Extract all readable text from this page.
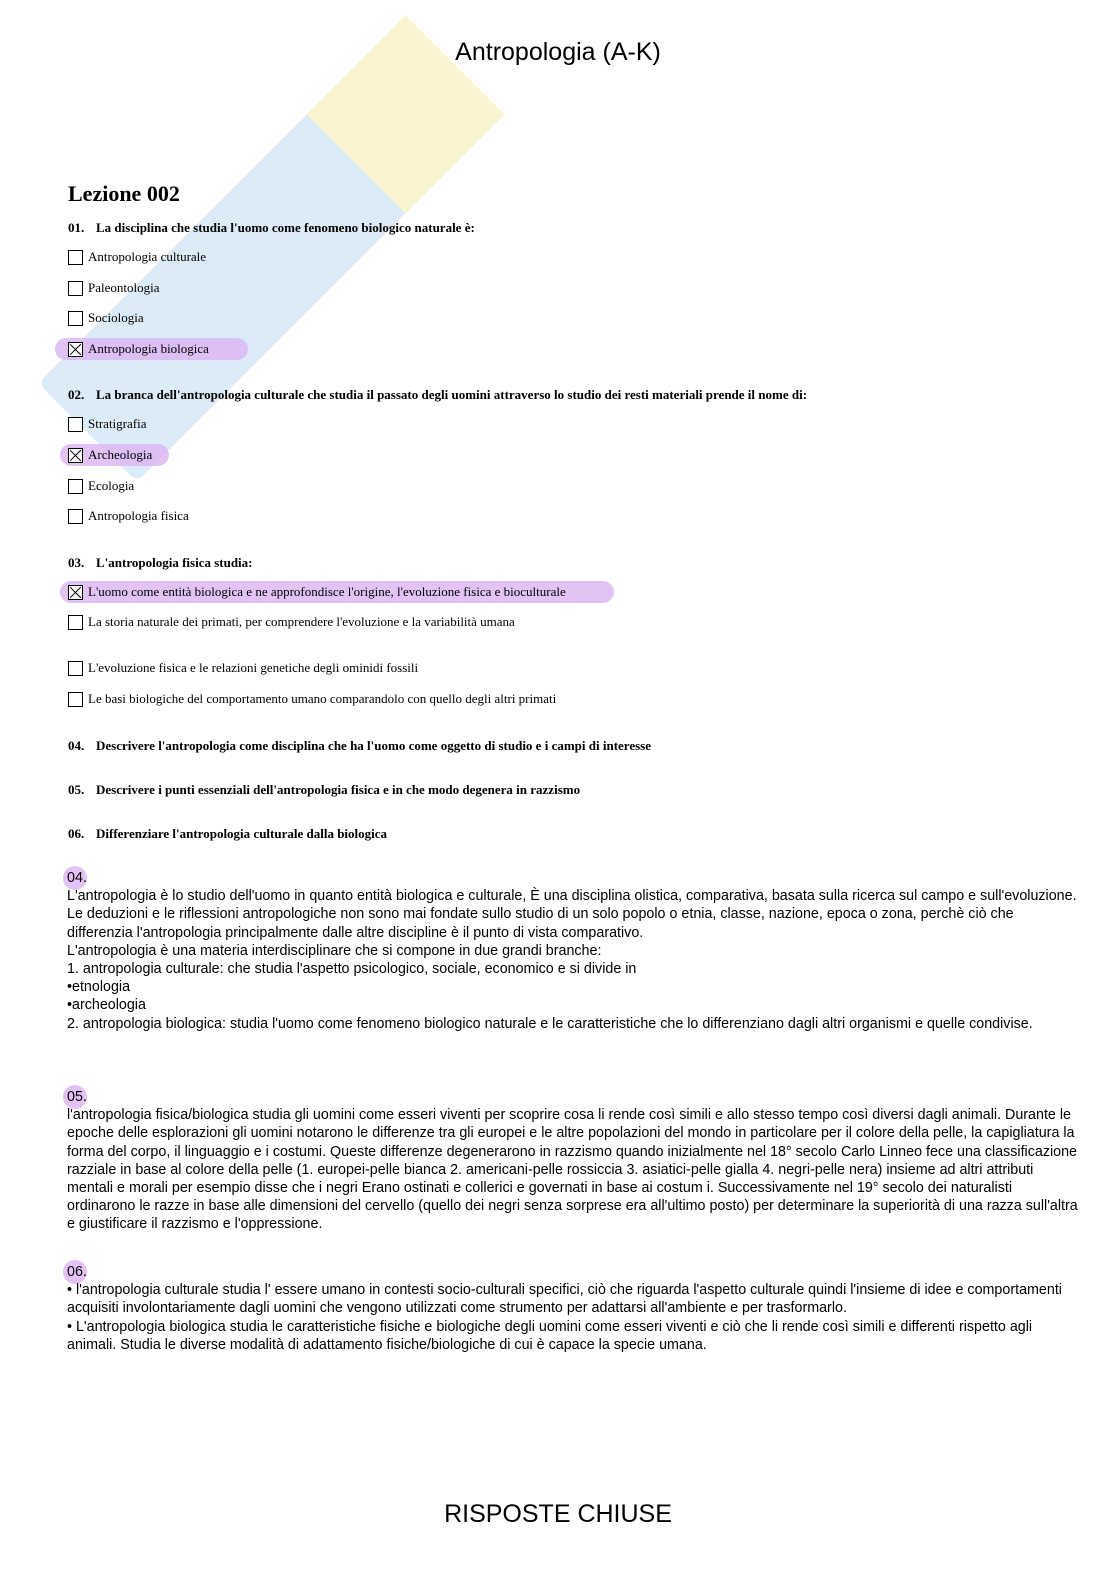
Antropologia (A-K)
Lezione 002
01. La disciplina che studia l'uomo come fenomeno biologico naturale è:
Antropologia culturale
Paleontologia
Sociologia
Antropologia biologica
02. La branca dell'antropologia culturale che studia il passato degli uomini attraverso lo studio dei resti materiali prende il nome di:
Stratigrafia
Archeologia
Ecologia
Antropologia fisica
03. L'antropologia fisica studia:
L'uomo come entità biologica e ne approfondisce l'origine, l'evoluzione fisica e bioculturale
La storia naturale dei primati, per comprendere l'evoluzione e la variabilità umana
L'evoluzione fisica e le relazioni genetiche degli ominidi fossili
Le basi biologiche del comportamento umano comparandolo con quello degli altri primati
04. Descrivere l'antropologia come disciplina che ha l'uomo come oggetto di studio e i campi di interesse
05. Descrivere i punti essenziali dell'antropologia fisica e in che modo degenera in razzismo
06. Differenziare l'antropologia culturale dalla biologica

04.

L'antropologia è lo studio dell'uomo in quanto entità biologica e culturale, È una disciplina olistica, comparativa, basata sulla ricerca sul campo e sull'evoluzione.

Le deduzioni e le riflessioni antropologiche non sono mai fondate sullo studio di un solo popolo o etnia, classe, nazione, epoca o zona, perchè ciò che differenzia l'antropologia principalmente dalle altre discipline è il punto di vista comparativo.

L'antropologia è una materia interdisciplinare che si compone in due grandi branche:

1. antropologia culturale: che studia l'aspetto psicologico, sociale, economico e si divide in

•etnologia

•archeologia

2. antropologia biologica: studia l'uomo come fenomeno biologico naturale e le caratteristiche che lo differenziano dagli altri organismi e quelle condivise.

05.

l'antropologia fisica/biologica studia gli uomini come esseri viventi per scoprire cosa li rende così simili e allo stesso tempo così diversi dagli animali. Durante le epoche delle esplorazioni gli uomini notarono le differenze tra gli europei e le altre popolazioni del mondo in particolare per il colore della pelle, la capigliatura la forma del corpo, il linguaggio e i costumi. Queste differenze degenerarono in razzismo quando inizialmente nel 18° secolo Carlo Linneo fece una classificazione razziale in base al colore della pelle (1. europei-pelle bianca 2. americani-pelle rossiccia 3. asiatici-pelle gialla 4. negri-pelle nera) insieme ad altri attributi mentali e morali per esempio disse che i negri Erano ostinati e collerici e governati in base ai costum i. Successivamente nel 19° secolo dei naturalisti ordinarono le razze in base alle dimensioni del cervello (quello dei negri senza sorprese era all'ultimo posto) per determinare la superiorità di una razza sull'altra e giustificare il razzismo e l'oppressione.

06.

• l'antropologia culturale studia l' essere umano in contesti socio-culturali specifici, ciò che riguarda l'aspetto culturale quindi l'insieme di idee e comportamenti acquisiti involontariamente dagli uomini che vengono utilizzati come strumento per adattarsi all'ambiente e per trasformarlo.

• L'antropologia biologica studia le caratteristiche fisiche e biologiche degli uomini come esseri viventi e ciò che li rende così simili e differenti rispetto agli animali. Studia le diverse modalità di adattamento fisiche/biologiche di cui è capace la specie umana.

RISPOSTE CHIUSE
